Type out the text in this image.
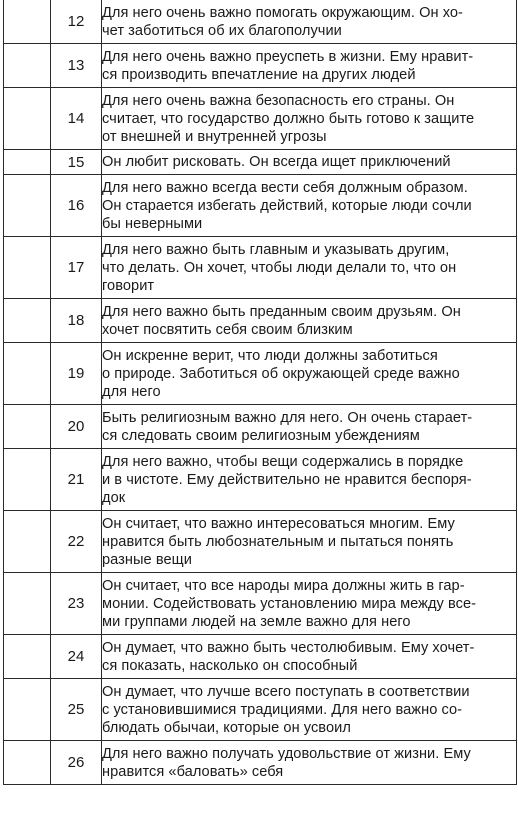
	12	Для него очень важно помогать окружающим. Он хо-
чет заботиться об их благополучии

	13	Для него очень важно преуспеть в жизни. Ему нравит-
ся производить впечатление на других людей

	14	Для него очень важна безопасность его страны. Он
считает, что государство должно быть готово к защите
от внешней и внутренней угрозы

	15	Он любит рисковать. Он всегда ищет приключений

	16	Для него важно всегда вести себя должным образом.
Он старается избегать действий, которые люди сочли
бы неверными

	17	Для него важно быть главным и указывать другим,
что делать. Он хочет, чтобы люди делали то, что он
говорит

	18	Для него важно быть преданным своим друзьям. Он
хочет посвятить себя своим близким

	19	Он искренне верит, что люди должны заботиться
о природе. Заботиться об окружающей среде важно
для него

	20	Быть религиозным важно для него. Он очень старает-
ся следовать своим религиозным убеждениям

	21	Для него важно, чтобы вещи содержались в порядке
и в чистоте. Ему действительно не нравится беспоря-
док

	22	Он считает, что важно интересоваться многим. Ему
нравится быть любознательным и пытаться понять
разные вещи

	23	Он считает, что все народы мира должны жить в гар-
монии. Содействовать установлению мира между все-
ми группами людей на земле важно для него

	24	Он думает, что важно быть честолюбивым. Ему хочет-
ся показать, насколько он способный

	25	Он думает, что лучше всего поступать в соответствии
с установившимися традициями. Для него важно со-
блюдать обычаи, которые он усвоил

	26	Для него важно получать удовольствие от жизни. Ему
нравится «баловать» себя
